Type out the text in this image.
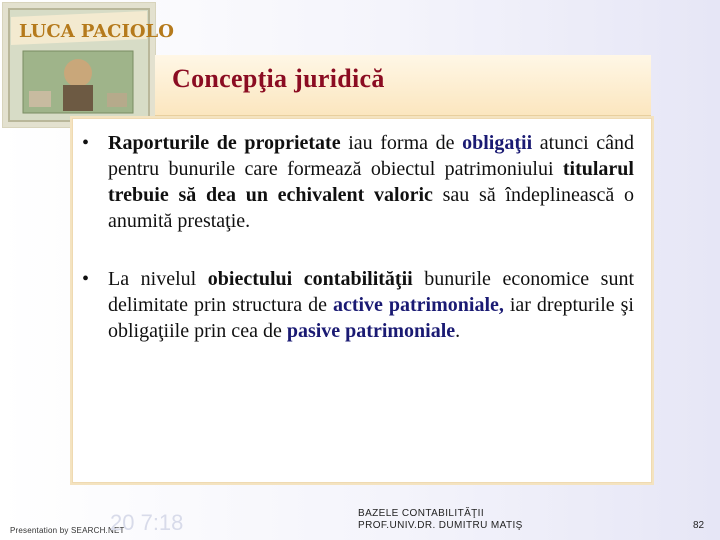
LUCA PACIOLO
Concepţia juridică
• Raporturile de proprietate iau forma de obligaţii atunci când pentru bunurile care formează obiectul patrimoniului titularul trebuie să dea un echivalent valoric sau să îndeplinească o anumită prestaţie.
• La nivelul obiectului contabilităţii bunurile economice sunt delimitate prin structura de active patrimoniale, iar drepturile şi obligaţiile prin cea de pasive patrimoniale.
Presentation by SEARCH.NET
20 7:18	BAZELE CONTABILITĂŢII
PROF.UNIV.DR. DUMITRU MATIŞ	82
